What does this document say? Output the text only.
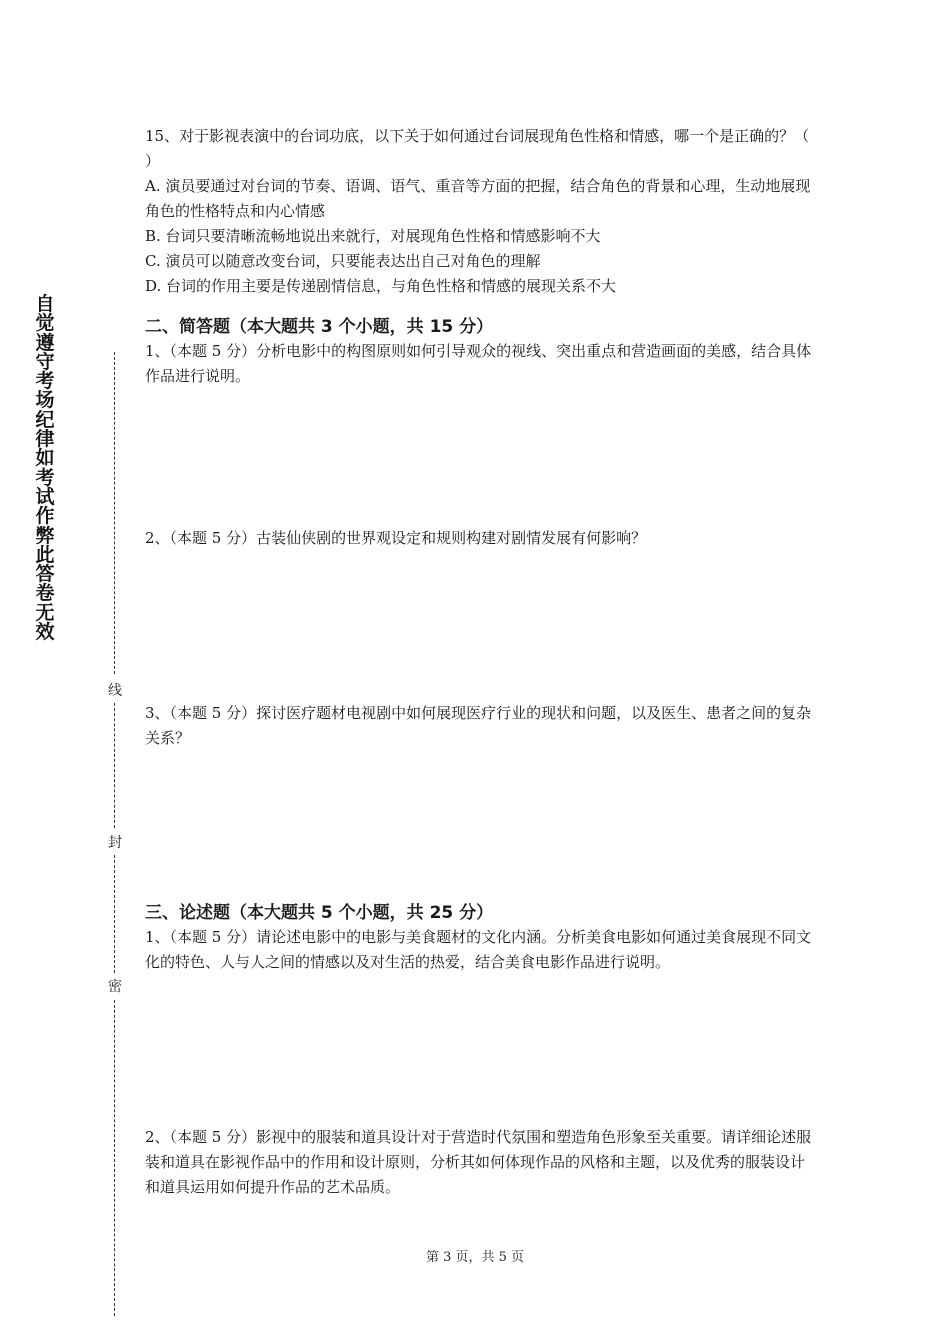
自觉遵守考场纪律如考试作弊此答卷无效
线
封
密

15、对于影视表演中的台词功底，以下关于如何通过台词展现角色性格和情感，哪一个是正确的？（ ）

A. 演员要通过对台词的节奏、语调、语气、重音等方面的把握，结合角色的背景和心理，生动地展现角色的性格特点和内心情感

B. 台词只要清晰流畅地说出来就行，对展现角色性格和情感影响不大

C. 演员可以随意改变台词，只要能表达出自己对角色的理解

D. 台词的作用主要是传递剧情信息，与角色性格和情感的展现关系不大

二、简答题（本大题共 3 个小题，共 15 分）

1、（本题 5 分）分析电影中的构图原则如何引导观众的视线、突出重点和营造画面的美感，结合具体作品进行说明。

2、（本题 5 分）古装仙侠剧的世界观设定和规则构建对剧情发展有何影响？

3、（本题 5 分）探讨医疗题材电视剧中如何展现医疗行业的现状和问题，以及医生、患者之间的复杂关系？

三、论述题（本大题共 5 个小题，共 25 分）

1、（本题 5 分）请论述电影中的电影与美食题材的文化内涵。分析美食电影如何通过美食展现不同文化的特色、人与人之间的情感以及对生活的热爱，结合美食电影作品进行说明。

2、（本题 5 分）影视中的服装和道具设计对于营造时代氛围和塑造角色形象至关重要。请详细论述服装和道具在影视作品中的作用和设计原则，分析其如何体现作品的风格和主题，以及优秀的服装设计和道具运用如何提升作品的艺术品质。

第 3 页，共 5 页
